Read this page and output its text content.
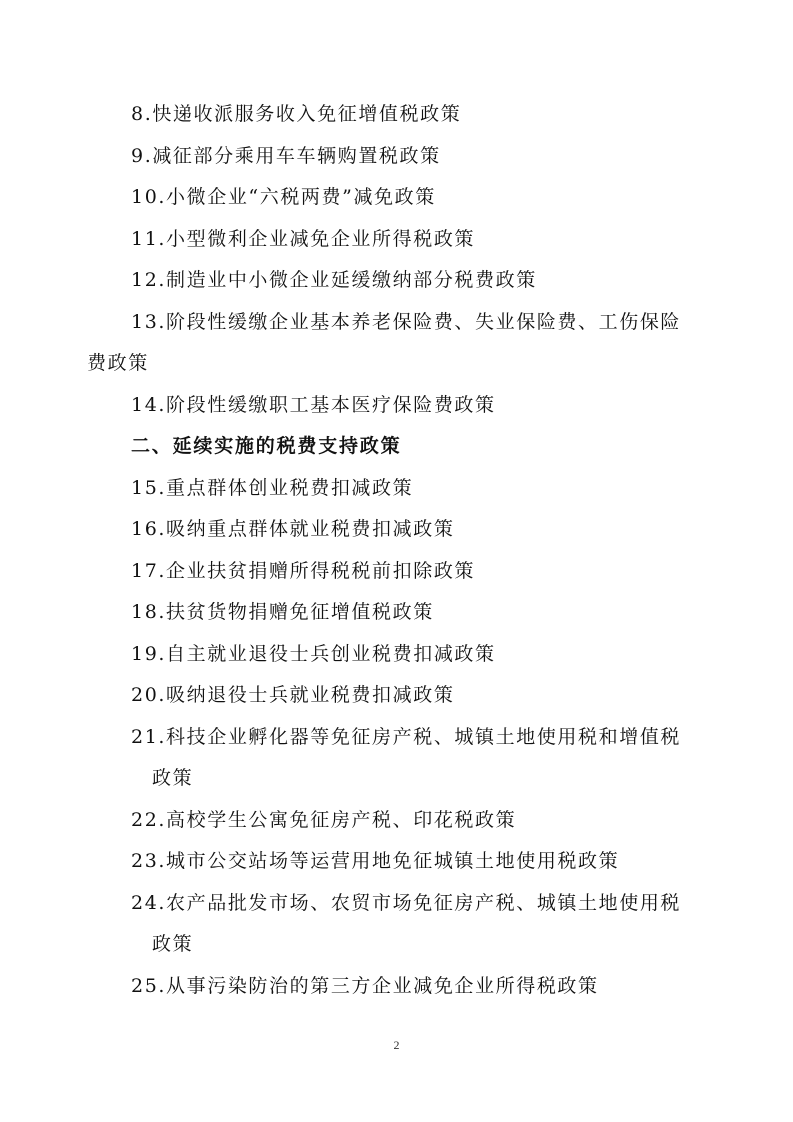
8.快递收派服务收入免征增值税政策
9.减征部分乘用车车辆购置税政策
10.小微企业“六税两费”减免政策
11.小型微利企业减免企业所得税政策
12.制造业中小微企业延缓缴纳部分税费政策
13.阶段性缓缴企业基本养老保险费、失业保险费、工伤保险
费政策
14.阶段性缓缴职工基本医疗保险费政策
二、延续实施的税费支持政策
15.重点群体创业税费扣减政策
16.吸纳重点群体就业税费扣减政策
17.企业扶贫捐赠所得税税前扣除政策
18.扶贫货物捐赠免征增值税政策
19.自主就业退役士兵创业税费扣减政策
20.吸纳退役士兵就业税费扣减政策
21.科技企业孵化器等免征房产税、城镇土地使用税和增值税
政策
22.高校学生公寓免征房产税、印花税政策
23.城市公交站场等运营用地免征城镇土地使用税政策
24.农产品批发市场、农贸市场免征房产税、城镇土地使用税
政策
25.从事污染防治的第三方企业减免企业所得税政策
2
